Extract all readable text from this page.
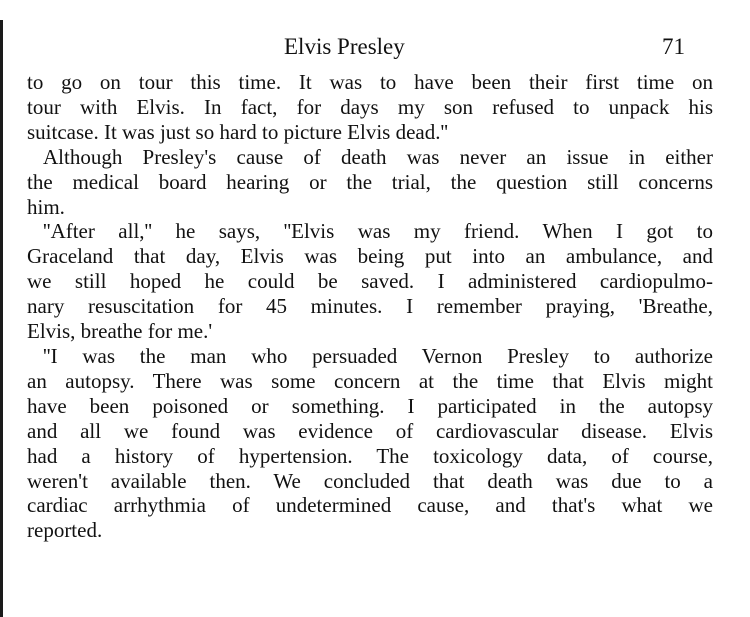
Elvis Presley	71
to go on tour this time. It was to have been their first time on
tour with Elvis. In fact, for days my son refused to unpack his
suitcase. It was just so hard to picture Elvis dead.''
Although Presley's cause of death was never an issue in either
the medical board hearing or the trial, the question still concerns
him.
''After all,'' he says, ''Elvis was my friend. When I got to
Graceland that day, Elvis was being put into an ambulance, and
we still hoped he could be saved. I administered cardiopulmo-
nary resuscitation for 45 minutes. I remember praying, 'Breathe,
Elvis, breathe for me.'
''I was the man who persuaded Vernon Presley to authorize
an autopsy. There was some concern at the time that Elvis might
have been poisoned or something. I participated in the autopsy
and all we found was evidence of cardiovascular disease. Elvis
had a history of hypertension. The toxicology data, of course,
weren't available then. We concluded that death was due to a
cardiac arrhythmia of undetermined cause, and that's what we
reported.
